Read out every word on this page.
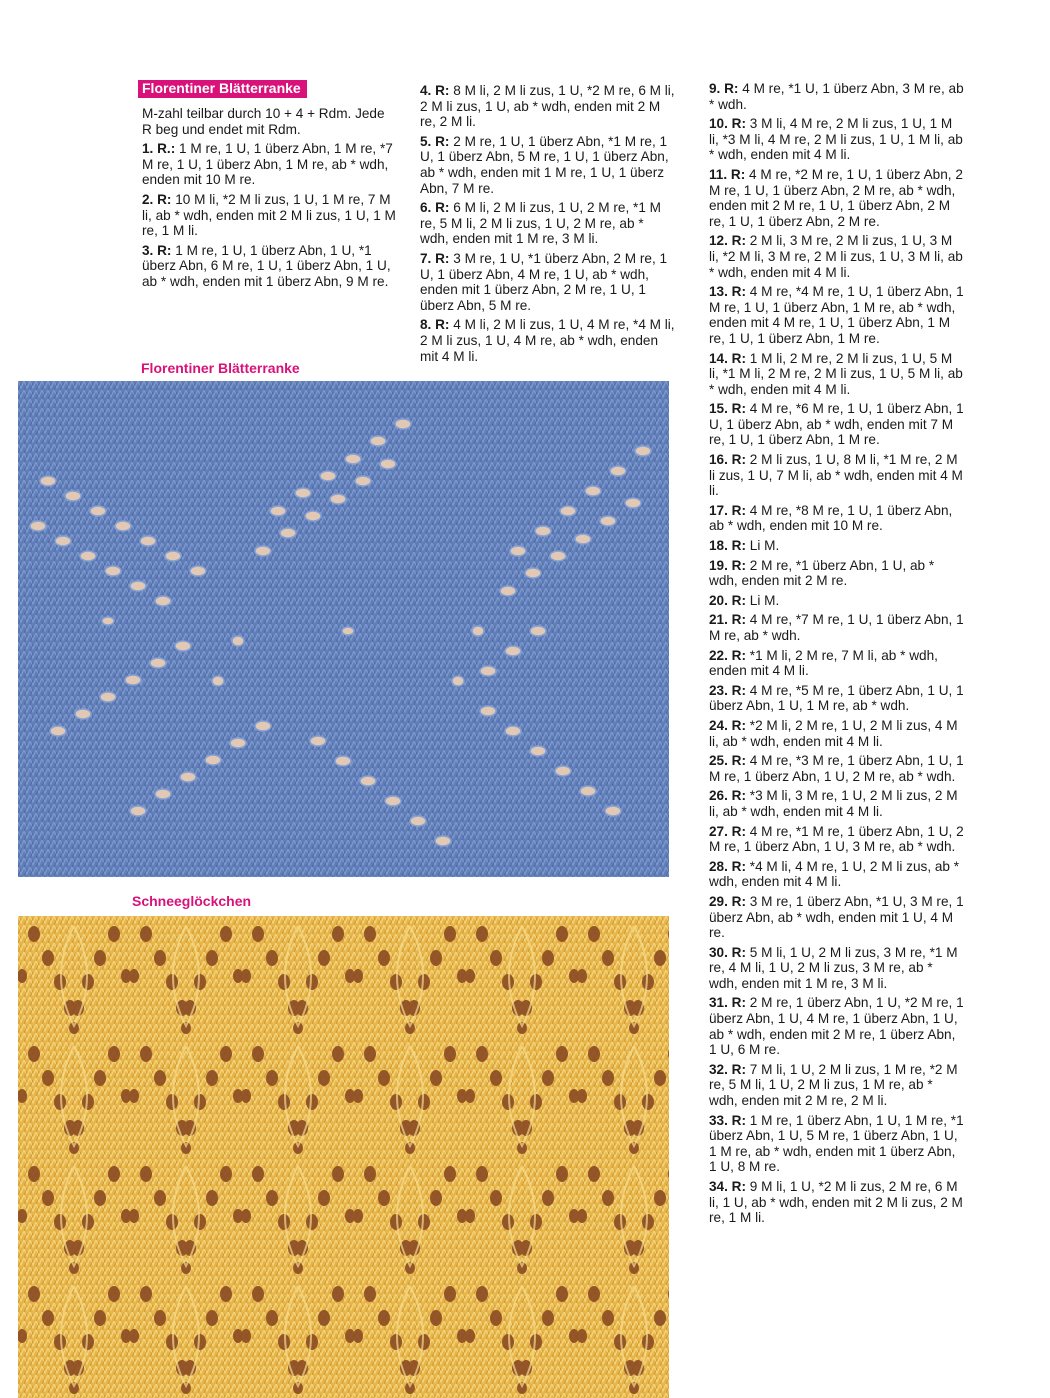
Florentiner Blätterranke

M-zahl teilbar durch 10 + 4 + Rdm. Jede R beg und endet mit Rdm.

1. R.: 1 M re, 1 U, 1 überz Abn, 1 M re, *7 M re, 1 U, 1 überz Abn, 1 M re, ab * wdh, enden mit 10 M re.

2. R: 10 M li, *2 M li zus, 1 U, 1 M re, 7 M li, ab * wdh, enden mit 2 M li zus, 1 U, 1 M re, 1 M li.

3. R: 1 M re, 1 U, 1 überz Abn, 1 U, *1 überz Abn, 6 M re, 1 U, 1 überz Abn, 1 U, ab * wdh, enden mit 1 überz Abn, 9 M re.

4. R: 8 M li, 2 M li zus, 1 U, *2 M re, 6 M li, 2 M li zus, 1 U, ab * wdh, enden mit 2 M re, 2 M li.

5. R: 2 M re, 1 U, 1 überz Abn, *1 M re, 1 U, 1 überz Abn, 5 M re, 1 U, 1 überz Abn, ab * wdh, enden mit 1 M re, 1 U, 1 überz Abn, 7 M re.

6. R: 6 M li, 2 M li zus, 1 U, 2 M re, *1 M re, 5 M li, 2 M li zus, 1 U, 2 M re, ab * wdh, enden mit 1 M re, 3 M li.

7. R: 3 M re, 1 U, *1 überz Abn, 2 M re, 1 U, 1 überz Abn, 4 M re, 1 U, ab * wdh, enden mit 1 überz Abn, 2 M re, 1 U, 1 überz Abn, 5 M re.

8. R: 4 M li, 2 M li zus, 1 U, 4 M re, *4 M li, 2 M li zus, 1 U, 4 M re, ab * wdh, enden mit 4 M li.

9. R: 4 M re, *1 U, 1 überz Abn, 3 M re, ab * wdh.

10. R: 3 M li, 4 M re, 2 M li zus, 1 U, 1 M li, *3 M li, 4 M re, 2 M li zus, 1 U, 1 M li, ab * wdh, enden mit 4 M li.

11. R: 4 M re, *2 M re, 1 U, 1 überz Abn, 2 M re, 1 U, 1 überz Abn, 2 M re, ab * wdh, enden mit 2 M re, 1 U, 1 überz Abn, 2 M re, 1 U, 1 überz Abn, 2 M re.

12. R: 2 M li, 3 M re, 2 M li zus, 1 U, 3 M li, *2 M li, 3 M re, 2 M li zus, 1 U, 3 M li, ab * wdh, enden mit 4 M li.

13. R: 4 M re, *4 M re, 1 U, 1 überz Abn, 1 M re, 1 U, 1 überz Abn, 1 M re, ab * wdh, enden mit 4 M re, 1 U, 1 überz Abn, 1 M re, 1 U, 1 überz Abn, 1 M re.

14. R: 1 M li, 2 M re, 2 M li zus, 1 U, 5 M li, *1 M li, 2 M re, 2 M li zus, 1 U, 5 M li, ab * wdh, enden mit 4 M li.

15. R: 4 M re, *6 M re, 1 U, 1 überz Abn, 1 U, 1 überz Abn, ab * wdh, enden mit 7 M re, 1 U, 1 überz Abn, 1 M re.

16. R: 2 M li zus, 1 U, 8 M li, *1 M re, 2 M li zus, 1 U, 7 M li, ab * wdh, enden mit 4 M li.

17. R: 4 M re, *8 M re, 1 U, 1 überz Abn, ab * wdh, enden mit 10 M re.

18. R: Li M.

19. R: 2 M re, *1 überz Abn, 1 U, ab * wdh, enden mit 2 M re.

20. R: Li M.

21. R: 4 M re, *7 M re, 1 U, 1 überz Abn, 1 M re, ab * wdh.

22. R: *1 M li, 2 M re, 7 M li, ab * wdh, enden mit 4 M li.

23. R: 4 M re, *5 M re, 1 überz Abn, 1 U, 1 überz Abn, 1 U, 1 M re, ab * wdh.

24. R: *2 M li, 2 M re, 1 U, 2 M li zus, 4 M li, ab * wdh, enden mit 4 M li.

25. R: 4 M re, *3 M re, 1 überz Abn, 1 U, 1 M re, 1 überz Abn, 1 U, 2 M re, ab * wdh.

26. R: *3 M li, 3 M re, 1 U, 2 M li zus, 2 M li, ab * wdh, enden mit 4 M li.

27. R: 4 M re, *1 M re, 1 überz Abn, 1 U, 2 M re, 1 überz Abn, 1 U, 3 M re, ab * wdh.

28. R: *4 M li, 4 M re, 1 U, 2 M li zus, ab * wdh, enden mit 4 M li.

29. R: 3 M re, 1 überz Abn, *1 U, 3 M re, 1 überz Abn, ab * wdh, enden mit 1 U, 4 M re.

30. R: 5 M li, 1 U, 2 M li zus, 3 M re, *1 M re, 4 M li, 1 U, 2 M li zus, 3 M re, ab * wdh, enden mit 1 M re, 3 M li.

31. R: 2 M re, 1 überz Abn, 1 U, *2 M re, 1 überz Abn, 1 U, 4 M re, 1 überz Abn, 1 U, ab * wdh, enden mit 2 M re, 1 überz Abn, 1 U, 6 M re.

32. R: 7 M li, 1 U, 2 M li zus, 1 M re, *2 M re, 5 M li, 1 U, 2 M li zus, 1 M re, ab * wdh, enden mit 2 M re, 2 M li.

33. R: 1 M re, 1 überz Abn, 1 U, 1 M re, *1 überz Abn, 1 U, 5 M re, 1 überz Abn, 1 U, 1 M re, ab * wdh, enden mit 1 überz Abn, 1 U, 8 M re.

34. R: 9 M li, 1 U, *2 M li zus, 2 M re, 6 M li, 1 U, ab * wdh, enden mit 2 M li zus, 2 M re, 1 M li.

Florentiner Blätterranke
Schneeglöckchen
